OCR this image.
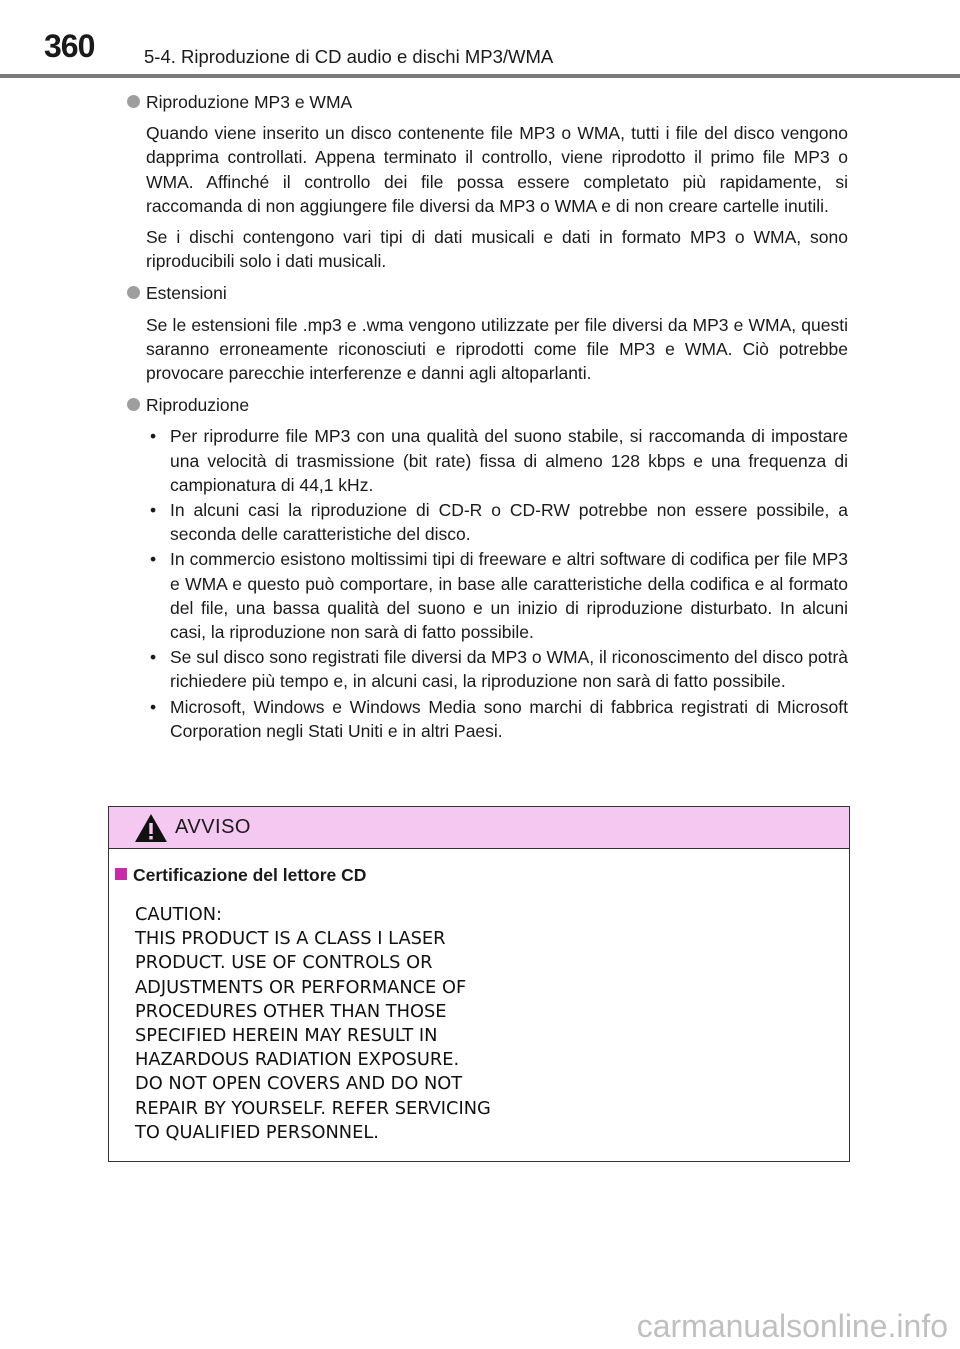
360	5-4. Riproduzione di CD audio e dischi MP3/WMA
Riproduzione MP3 e WMA

Quando viene inserito un disco contenente file MP3 o WMA, tutti i file del disco vengono dapprima controllati. Appena terminato il controllo, viene riprodotto il primo file MP3 o WMA. Affinché il controllo dei file possa essere completato più rapidamente, si raccomanda di non aggiungere file diversi da MP3 o WMA e di non creare cartelle inutili.

Se i dischi contengono vari tipi di dati musicali e dati in formato MP3 o WMA, sono riproducibili solo i dati musicali.

Estensioni

Se le estensioni file .mp3 e .wma vengono utilizzate per file diversi da MP3 e WMA, questi saranno erroneamente riconosciuti e riprodotti come file MP3 e WMA. Ciò potrebbe provocare parecchie interferenze e danni agli altoparlanti.

Riproduzione
• Per riprodurre file MP3 con una qualità del suono stabile, si raccomanda di impostare una velocità di trasmissione (bit rate) fissa di almeno 128 kbps e una frequenza di campionatura di 44,1 kHz.
• In alcuni casi la riproduzione di CD-R o CD-RW potrebbe non essere possibile, a seconda delle caratteristiche del disco.
• In commercio esistono moltissimi tipi di freeware e altri software di codifica per file MP3 e WMA e questo può comportare, in base alle caratteristiche della codifica e al formato del file, una bassa qualità del suono e un inizio di riproduzione disturbato. In alcuni casi, la riproduzione non sarà di fatto possibile.
• Se sul disco sono registrati file diversi da MP3 o WMA, il riconoscimento del disco potrà richiedere più tempo e, in alcuni casi, la riproduzione non sarà di fatto possibile.
• Microsoft, Windows e Windows Media sono marchi di fabbrica registrati di Microsoft Corporation negli Stati Uniti e in altri Paesi.
AVVISO
Certificazione del lettore CD
CAUTION:
THIS PRODUCT IS A CLASS Ⅰ LASER
PRODUCT. USE OF CONTROLS OR
ADJUSTMENTS OR PERFORMANCE OF
PROCEDURES OTHER THAN THOSE
SPECIFIED HEREIN MAY RESULT IN
HAZARDOUS RADIATION EXPOSURE.
DO NOT OPEN COVERS AND DO NOT
REPAIR BY YOURSELF. REFER SERVICING
TO QUALIFIED PERSONNEL.
carmanualsonline.info
